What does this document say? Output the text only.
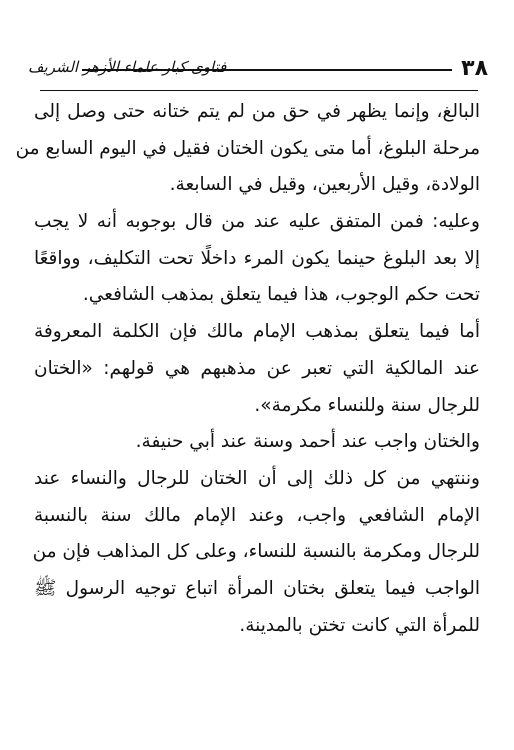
فتاوى كبار علماء الأزهر الشريف	٣٨
البالغ، وإنما يظهر في حق من لم يتم ختانه حتى وصل إلى
مرحلة البلوغ، أما متى يكون الختان فقيل في اليوم السابع من
الولادة، وقيل الأربعين، وقيل في السابعة.
وعليه: فمن المتفق عليه عند من قال بوجوبه أنه لا يجب
إلا بعد البلوغ حينما يكون المرء داخلًا تحت التكليف، وواقعًا
تحت حكم الوجوب، هذا فيما يتعلق بمذهب الشافعي.
أما فيما يتعلق بمذهب الإمام مالك فإن الكلمة المعروفة
عند المالكية التي تعبر عن مذهبهم هي قولهم: «الختان
للرجال سنة وللنساء مكرمة».
والختان واجب عند أحمد وسنة عند أبي حنيفة.
وننتهي من كل ذلك إلى أن الختان للرجال والنساء عند
الإمام الشافعي واجب، وعند الإمام مالك سنة بالنسبة
للرجال ومكرمة بالنسبة للنساء، وعلى كل المذاهب فإن من
الواجب فيما يتعلق بختان المرأة اتباع توجيه الرسول ﷺ
للمرأة التي كانت تختن بالمدينة.
